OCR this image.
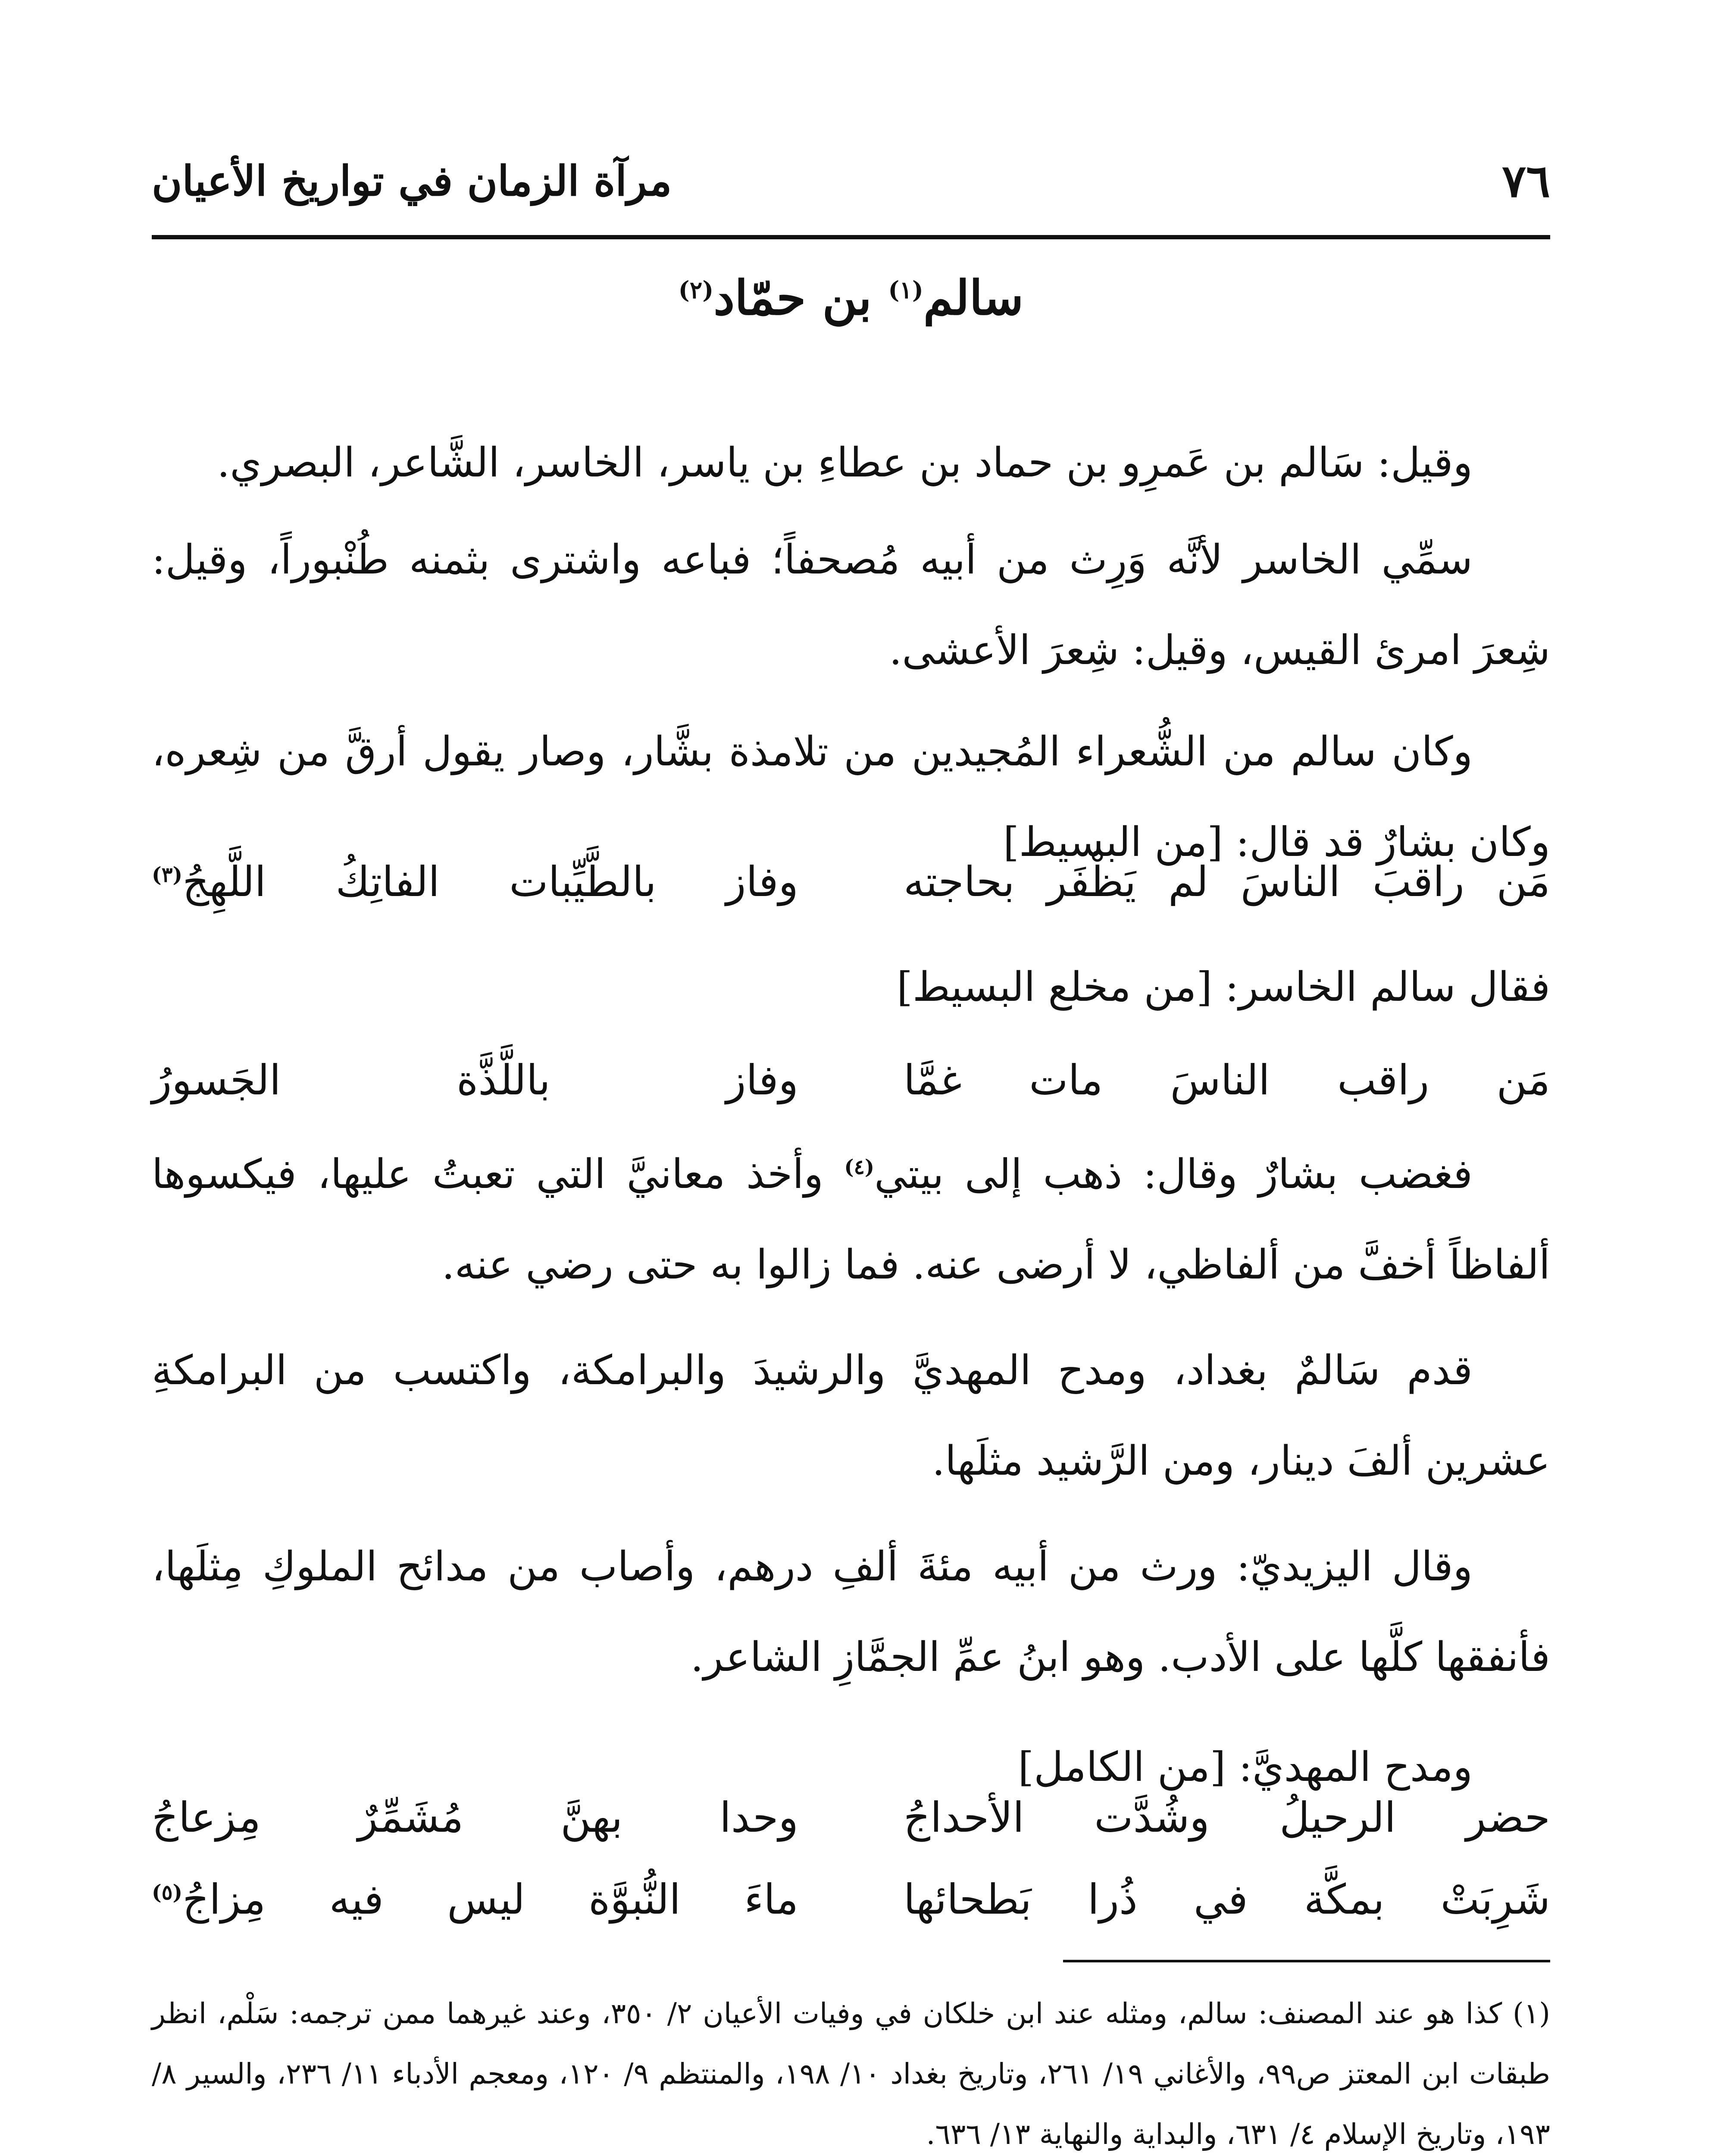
٧٦
مرآة الزمان في تواريخ الأعيان
سالم$^{(١)}$ بن حمّاد$^{(٢)}$

وقيل: سَالم بن عَمرِو بن حماد بن عطاءِ بن ياسر، الخاسر، الشَّاعر، البصري.

سمِّي الخاسر لأنَّه وَرِث من أبيه مُصحفاً؛ فباعه واشترى بثمنه طُنْبوراً، وقيل: شِعرَ امرئ القيس، وقيل: شِعرَ الأعشى.

وكان سالم من الشُّعراء المُجيدين من تلامذة بشَّار، وصار يقول أرقَّ من شِعره، وكان بشارٌ قد قال: [من البسيط]

مَن راقبَ الناسَ لم يَظْفَر بحاجته
وفاز بالطَّيِّبات الفاتِكُ اللَّهِجُ$^{(٣)}$
فقال سالم الخاسر: [من مخلع البسيط]
مَن راقب الناسَ مات غمَّا
وفاز باللَّذَّة الجَسورُ

فغضب بشارٌ وقال: ذهب إلى بيتي$^{(٤)}$ وأخذ معانيَّ التي تعبتُ عليها، فيكسوها ألفاظاً أخفَّ من ألفاظي، لا أرضى عنه. فما زالوا به حتى رضي عنه.

قدم سَالمٌ بغداد، ومدح المهديَّ والرشيدَ والبرامكة، واكتسب من البرامكةِ عشرين ألفَ دينار، ومن الرَّشيد مثلَها.

وقال اليزيديّ: ورث من أبيه مئةَ ألفِ درهم، وأصاب من مدائح الملوكِ مِثلَها، فأنفقها كلَّها على الأدب. وهو ابنُ عمِّ الجمَّازِ الشاعر.

ومدح المهديَّ: [من الكامل]

حضر الرحيلُ وشُدَّت الأحداجُ
وحدا بهنَّ مُشَمِّرٌ مِزعاجُ
شَرِبَتْ بمكَّة في ذُرا بَطحائها
ماءَ النُّبوَّة ليس فيه مِزاجُ$^{(٥)}$
(١) كذا هو عند المصنف: سالم، ومثله عند ابن خلكان في وفيات الأعيان ٢/ ٣٥٠، وعند غيرهما ممن ترجمه: سَلْم، انظر طبقات ابن المعتز ص٩٩، والأغاني ١٩/ ٢٦١، وتاريخ بغداد ١٠/ ١٩٨، والمنتظم ٩/ ١٢٠، ومعجم الأدباء ١١/ ٢٣٦، والسير ٨/ ١٩٣، وتاريخ الإسلام ٤/ ٦٣١، والبداية والنهاية ١٣/ ٦٣٦.
